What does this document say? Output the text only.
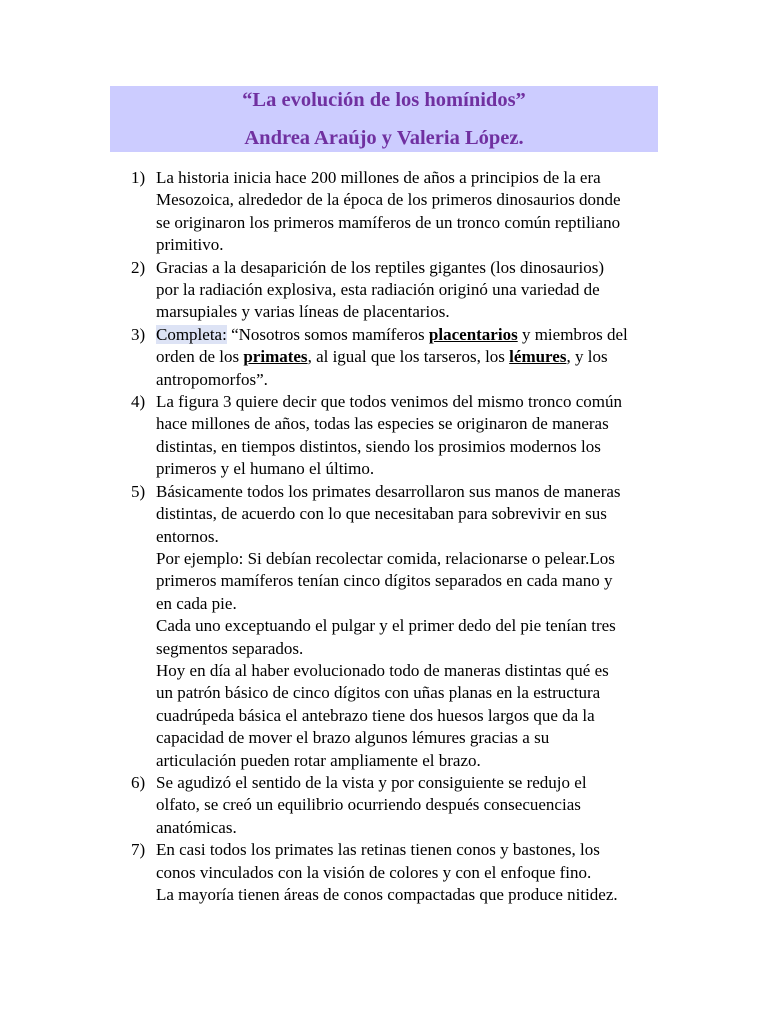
“La evolución de los homínidos”
Andrea Araújo y Valeria López.
1) La historia inicia hace 200 millones de años a principios de la era
Mesozoica, alrededor de la época de los primeros dinosaurios donde
se originaron los primeros mamíferos de un tronco común reptiliano
primitivo.
2) Gracias a la desaparición de los reptiles gigantes (los dinosaurios)
por la radiación explosiva, esta radiación originó una variedad de
marsupiales y varias líneas de placentarios.
3) Completa: “Nosotros somos mamíferos placentarios y miembros del
orden de los primates, al igual que los tarseros, los lémures, y los
antropomorfos”.
4) La figura 3 quiere decir que todos venimos del mismo tronco común
hace millones de años, todas las especies se originaron de maneras
distintas, en tiempos distintos, siendo los prosimios modernos los
primeros y el humano el último.
5) Básicamente todos los primates desarrollaron sus manos de maneras
distintas, de acuerdo con lo que necesitaban para sobrevivir en sus
entornos.
Por ejemplo: Si debían recolectar comida, relacionarse o pelear.Los
primeros mamíferos tenían cinco dígitos separados en cada mano y
en cada pie.
Cada uno exceptuando el pulgar y el primer dedo del pie tenían tres
segmentos separados.
Hoy en día al haber evolucionado todo de maneras distintas qué es
un patrón básico de cinco dígitos con uñas planas en la estructura
cuadrúpeda básica el antebrazo tiene dos huesos largos que da la
capacidad de mover el brazo algunos lémures gracias a su
articulación pueden rotar ampliamente el brazo.
6) Se agudizó el sentido de la vista y por consiguiente se redujo el
olfato, se creó un equilibrio ocurriendo después consecuencias
anatómicas.
7) En casi todos los primates las retinas tienen conos y bastones, los
conos vinculados con la visión de colores y con el enfoque fino.
La mayoría tienen áreas de conos compactadas que produce nitidez.
